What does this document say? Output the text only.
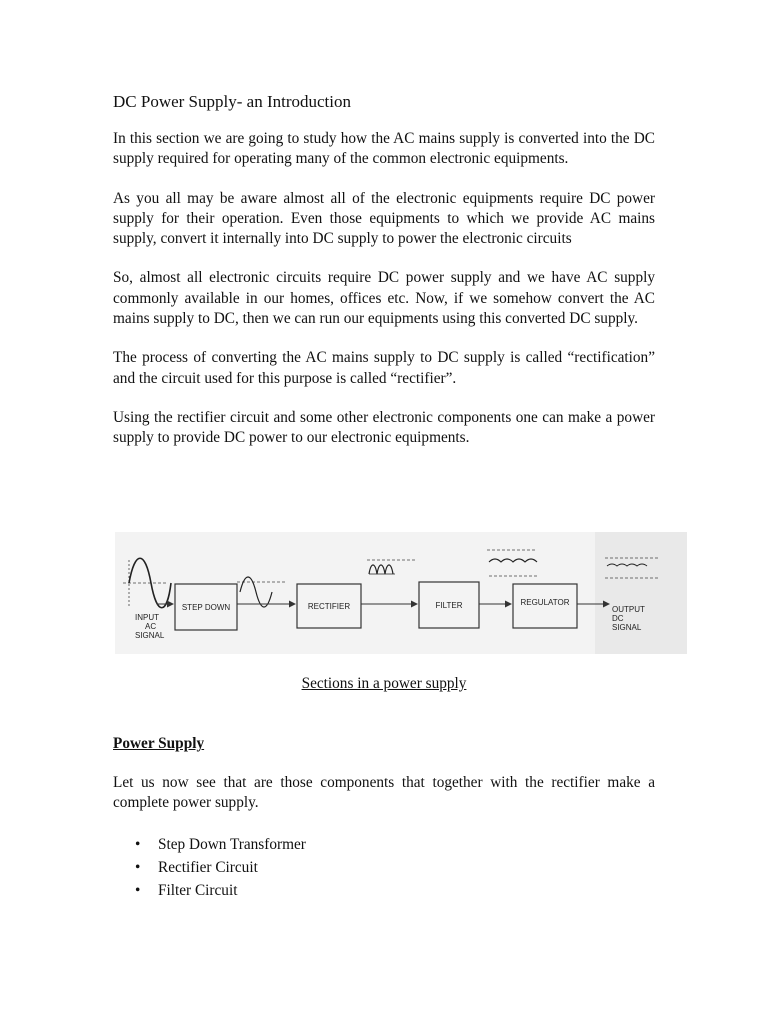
DC Power Supply- an Introduction

In this section we are going to study how the AC mains supply is converted into the DC supply required for operating many of the common electronic equipments.

As you all may be aware almost all of the electronic equipments require DC power supply for their operation. Even those equipments to which we provide AC mains supply, convert it internally into DC supply to power the electronic circuits

So, almost all electronic circuits require DC power supply and we have AC supply commonly available in our homes, offices etc. Now, if we somehow convert the AC mains supply to DC, then we can run our equipments using this converted DC supply.

The process of converting the AC mains supply to DC supply is called “rectification” and the circuit used for this purpose is called “rectifier”.

Using the rectifier circuit and some other electronic components one can make a power supply to provide DC power to our electronic equipments.

INPUT
AC
SIGNAL
STEP DOWN	RECTIFIER	FILTER	REGULATOR
OUTPUT
DC
SIGNAL
Sections in a power supply
Power Supply

Let us now see that are those components that together with the rectifier make a complete power supply.

• Step Down Transformer
• Rectifier Circuit
• Filter Circuit
